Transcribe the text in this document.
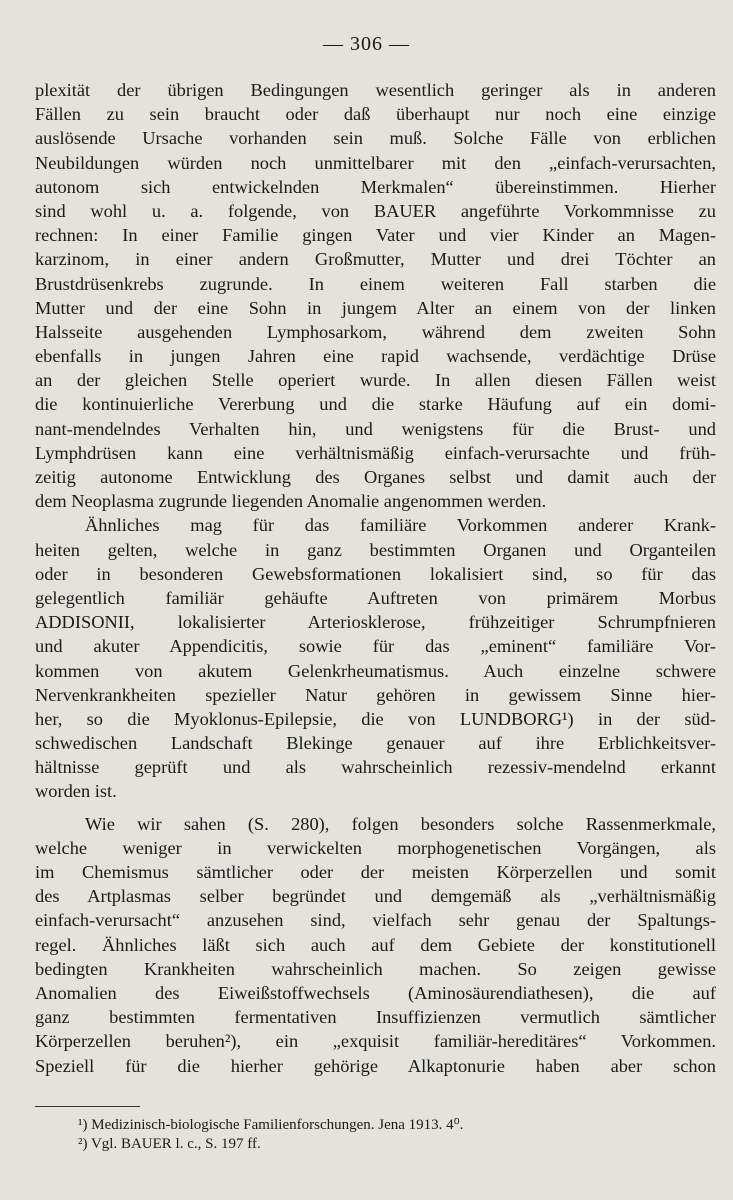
— 306 —
plexität der übrigen Bedingungen wesentlich geringer als in anderen
Fällen zu sein braucht oder daß überhaupt nur noch eine einzige
auslösende Ursache vorhanden sein muß. Solche Fälle von erblichen
Neubildungen würden noch unmittelbarer mit den „einfach-verursachten,
autonom sich entwickelnden Merkmalen“ übereinstimmen. Hierher
sind wohl u. a. folgende, von BAUER angeführte Vorkommnisse zu
rechnen: In einer Familie gingen Vater und vier Kinder an Magen-
karzinom, in einer andern Großmutter, Mutter und drei Töchter an
Brustdrüsenkrebs zugrunde. In einem weiteren Fall starben die
Mutter und der eine Sohn in jungem Alter an einem von der linken
Halsseite ausgehenden Lymphosarkom, während dem zweiten Sohn
ebenfalls in jungen Jahren eine rapid wachsende, verdächtige Drüse
an der gleichen Stelle operiert wurde. In allen diesen Fällen weist
die kontinuierliche Vererbung und die starke Häufung auf ein domi-
nant-mendelndes Verhalten hin, und wenigstens für die Brust- und
Lymphdrüsen kann eine verhältnismäßig einfach-verursachte und früh-
zeitig autonome Entwicklung des Organes selbst und damit auch der
dem Neoplasma zugrunde liegenden Anomalie angenommen werden.
Ähnliches mag für das familiäre Vorkommen anderer Krank-
heiten gelten, welche in ganz bestimmten Organen und Organteilen
oder in besonderen Gewebsformationen lokalisiert sind, so für das
gelegentlich familiär gehäufte Auftreten von primärem Morbus
ADDISONII, lokalisierter Arteriosklerose, frühzeitiger Schrumpfnieren
und akuter Appendicitis, sowie für das „eminent“ familiäre Vor-
kommen von akutem Gelenkrheumatismus. Auch einzelne schwere
Nervenkrankheiten spezieller Natur gehören in gewissem Sinne hier-
her, so die Myoklonus-Epilepsie, die von LUNDBORG¹) in der süd-
schwedischen Landschaft Blekinge genauer auf ihre Erblichkeitsver-
hältnisse geprüft und als wahrscheinlich rezessiv-mendelnd erkannt
worden ist.
Wie wir sahen (S. 280), folgen besonders solche Rassenmerkmale,
welche weniger in verwickelten morphogenetischen Vorgängen, als
im Chemismus sämtlicher oder der meisten Körperzellen und somit
des Artplasmas selber begründet und demgemäß als „verhältnismäßig
einfach-verursacht“ anzusehen sind, vielfach sehr genau der Spaltungs-
regel. Ähnliches läßt sich auch auf dem Gebiete der konstitutionell
bedingten Krankheiten wahrscheinlich machen. So zeigen gewisse
Anomalien des Eiweißstoffwechsels (Aminosäurendiathesen), die auf
ganz bestimmten fermentativen Insuffizienzen vermutlich sämtlicher
Körperzellen beruhen²), ein „exquisit familiär-hereditäres“ Vorkommen.
Speziell für die hierher gehörige Alkaptonurie haben aber schon
¹) Medizinisch-biologische Familienforschungen. Jena 1913. 4⁰.
²) Vgl. BAUER l. c., S. 197 ff.
